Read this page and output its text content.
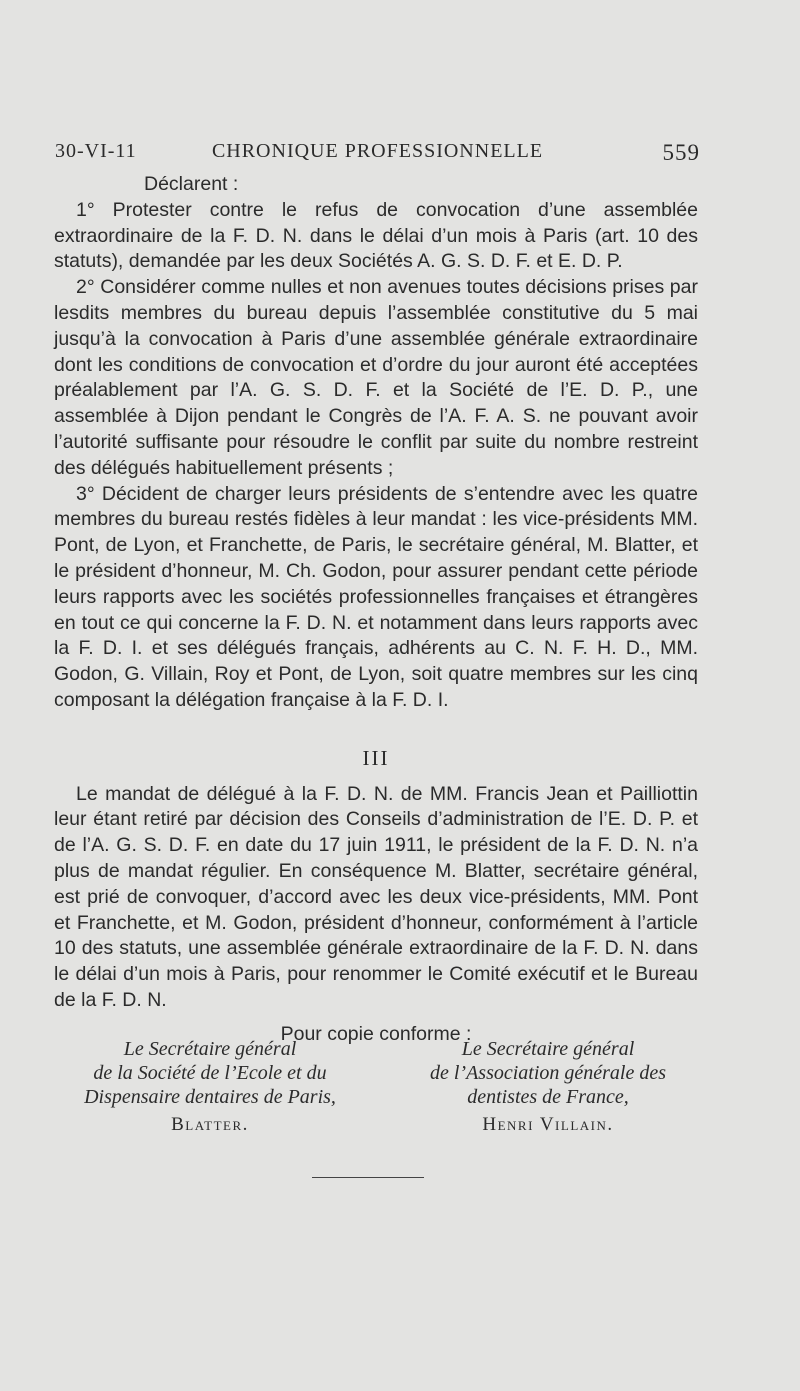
30-VI-11	CHRONIQUE PROFESSIONNELLE	559

Déclarent :

1° Protester contre le refus de convocation d’une assemblée extraordinaire de la F. D. N. dans le délai d’un mois à Paris (art. 10 des statuts), demandée par les deux Sociétés A. G. S. D. F. et E. D. P.

2° Considérer comme nulles et non avenues toutes décisions prises par lesdits membres du bureau depuis l’assemblée constitutive du 5 mai jusqu’à la convocation à Paris d’une assemblée générale extraordinaire dont les conditions de convocation et d’ordre du jour auront été acceptées préalablement par l’A. G. S. D. F. et la Société de l’E. D. P., une assemblée à Dijon pendant le Congrès de l’A. F. A. S. ne pouvant avoir l’autorité suffisante pour résoudre le conflit par suite du nombre restreint des délégués habituellement présents ;

3° Décident de charger leurs présidents de s’entendre avec les quatre membres du bureau restés fidèles à leur mandat : les vice-présidents MM. Pont, de Lyon, et Franchette, de Paris, le secrétaire général, M. Blatter, et le président d’honneur, M. Ch. Godon, pour assurer pendant cette période leurs rapports avec les sociétés professionnelles françaises et étrangères en tout ce qui concerne la F. D. N. et notamment dans leurs rapports avec la F. D. I. et ses délégués français, adhérents au C. N. F. H. D., MM. Godon, G. Villain, Roy et Pont, de Lyon, soit quatre membres sur les cinq composant la délégation française à la F. D. I.

III

Le mandat de délégué à la F. D. N. de MM. Francis Jean et Pailliottin leur étant retiré par décision des Conseils d’administration de l’E. D. P. et de l’A. G. S. D. F. en date du 17 juin 1911, le président de la F. D. N. n’a plus de mandat régulier. En conséquence M. Blatter, secrétaire général, est prié de convoquer, d’accord avec les deux vice-présidents, MM. Pont et Franchette, et M. Godon, président d’honneur, conformément à l’article 10 des statuts, une assemblée générale extraordinaire de la F. D. N. dans le délai d’un mois à Paris, pour renommer le Comité exécutif et le Bureau de la F. D. N.

Pour copie conforme :
Le Secrétaire général
de la Société de l’Ecole et du
Dispensaire dentaires de Paris,
Blatter.
Le Secrétaire général
de l’Association générale des
dentistes de France,
Henri Villain.
